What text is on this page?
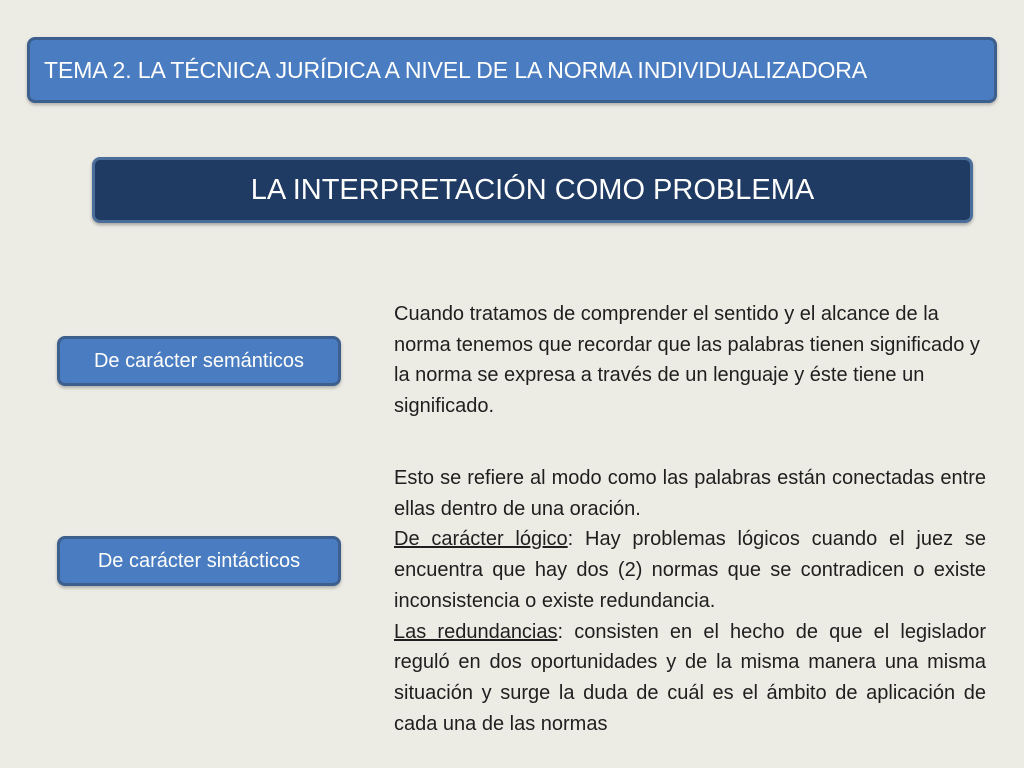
TEMA 2. LA TÉCNICA JURÍDICA A NIVEL DE LA NORMA INDIVIDUALIZADORA
LA INTERPRETACIÓN COMO PROBLEMA
De carácter semánticos

Cuando tratamos de comprender el sentido y el alcance de la norma tenemos que recordar que las palabras tienen significado y la norma se expresa a través de un lenguaje y éste tiene un significado.

De carácter sintácticos

Esto se refiere al modo como las palabras están conectadas entre ellas dentro de una oración.

De carácter lógico: Hay problemas lógicos cuando el juez se encuentra que hay dos (2) normas que se contradicen o existe inconsistencia o existe redundancia.

Las redundancias: consisten en el hecho de que el legislador reguló en dos oportunidades y de la misma manera una misma situación y surge la duda de cuál es el ámbito de aplicación de cada una de las normas
